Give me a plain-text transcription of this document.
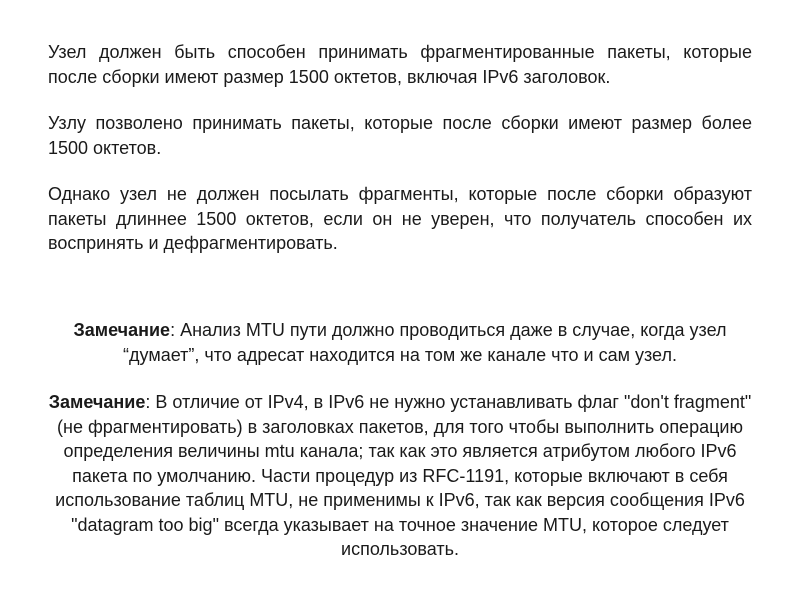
Узел должен быть способен принимать фрагментированные пакеты, которые после сборки имеют размер 1500 октетов, включая IPv6 заголовок.

Узлу позволено принимать пакеты, которые после сборки имеют размер более 1500 октетов.

Однако узел не должен посылать фрагменты, которые после сборки образуют пакеты длиннее 1500 октетов, если он не уверен, что получатель способен их воспринять и дефрагментировать.

Замечание: Анализ MTU пути должно проводиться даже в случае, когда узел “думает”, что адресат находится на том же канале что и сам узел.

Замечание: В отличие от IPv4, в IPv6 не нужно устанавливать флаг "don't fragment" (не фрагментировать) в заголовках пакетов, для того чтобы выполнить операцию определения величины mtu канала; так как это является атрибутом любого IPv6 пакета по умолчанию. Части процедур из RFC-1191, которые включают в себя использование таблиц MTU, не применимы к IPv6, так как версия сообщения IPv6 "datagram too big" всегда указывает на точное значение MTU, которое следует использовать.
